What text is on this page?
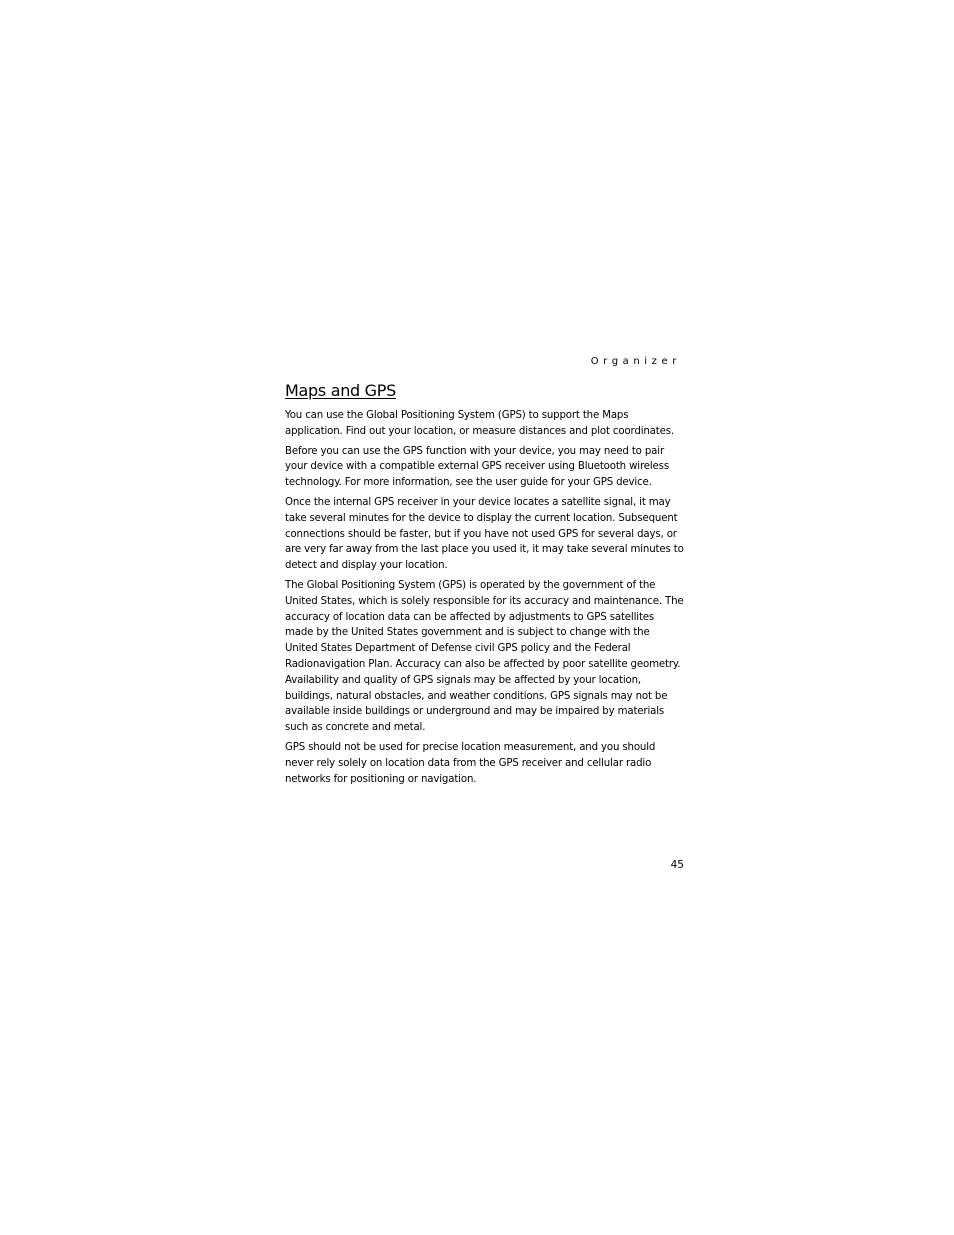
Organizer
Maps and GPS

You can use the Global Positioning System (GPS) to support the Maps application. Find out your location, or measure distances and plot coordinates.

Before you can use the GPS function with your device, you may need to pair your device with a compatible external GPS receiver using Bluetooth wireless technology. For more information, see the user guide for your GPS device.

Once the internal GPS receiver in your device locates a satellite signal, it may take several minutes for the device to display the current location. Subsequent connections should be faster, but if you have not used GPS for several days, or are very far away from the last place you used it, it may take several minutes to detect and display your location.

The Global Positioning System (GPS) is operated by the government of the United States, which is solely responsible for its accuracy and maintenance. The accuracy of location data can be affected by adjustments to GPS satellites made by the United States government and is subject to change with the United States Department of Defense civil GPS policy and the Federal Radionavigation Plan. Accuracy can also be affected by poor satellite geometry. Availability and quality of GPS signals may be affected by your location, buildings, natural obstacles, and weather conditions. GPS signals may not be available inside buildings or underground and may be impaired by materials such as concrete and metal.

GPS should not be used for precise location measurement, and you should never rely solely on location data from the GPS receiver and cellular radio networks for positioning or navigation.

45
